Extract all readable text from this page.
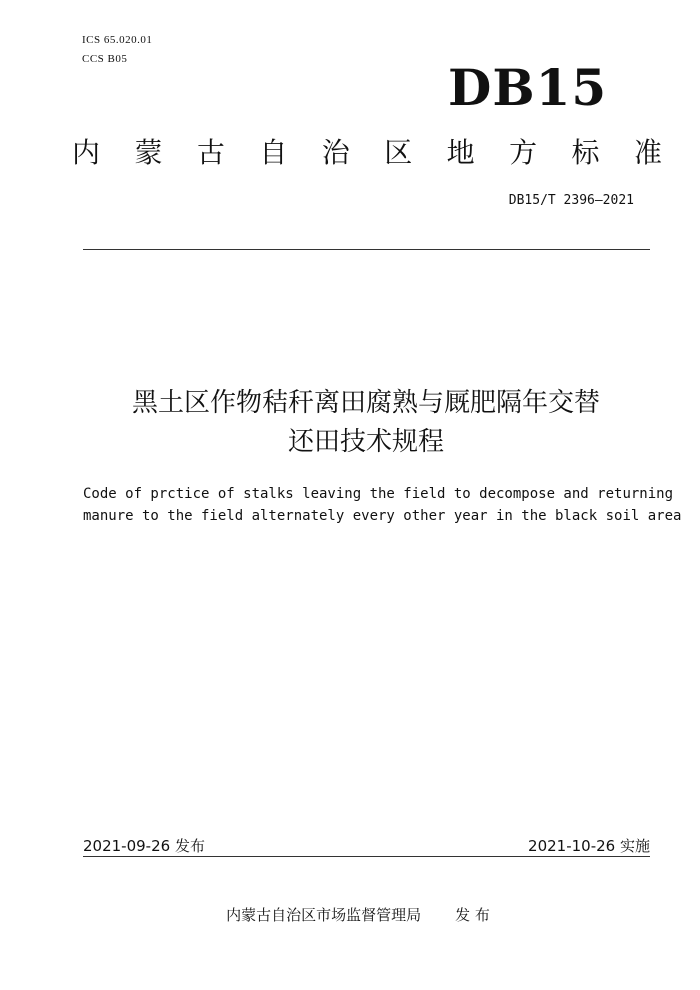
ICS 65.020.01
CCS B05	DB15
内 蒙 古 自 治 区 地 方 标 准
DB15/T 2396—2021
黑土区作物秸秆离田腐熟与厩肥隔年交替
还田技术规程
Code of prctice of stalks leaving the field to decompose and returning
manure to the field alternately every other year in the black soil area
2021-09-26 发布	2021-10-26 实施
内蒙古自治区市场监督管理局 发 布
